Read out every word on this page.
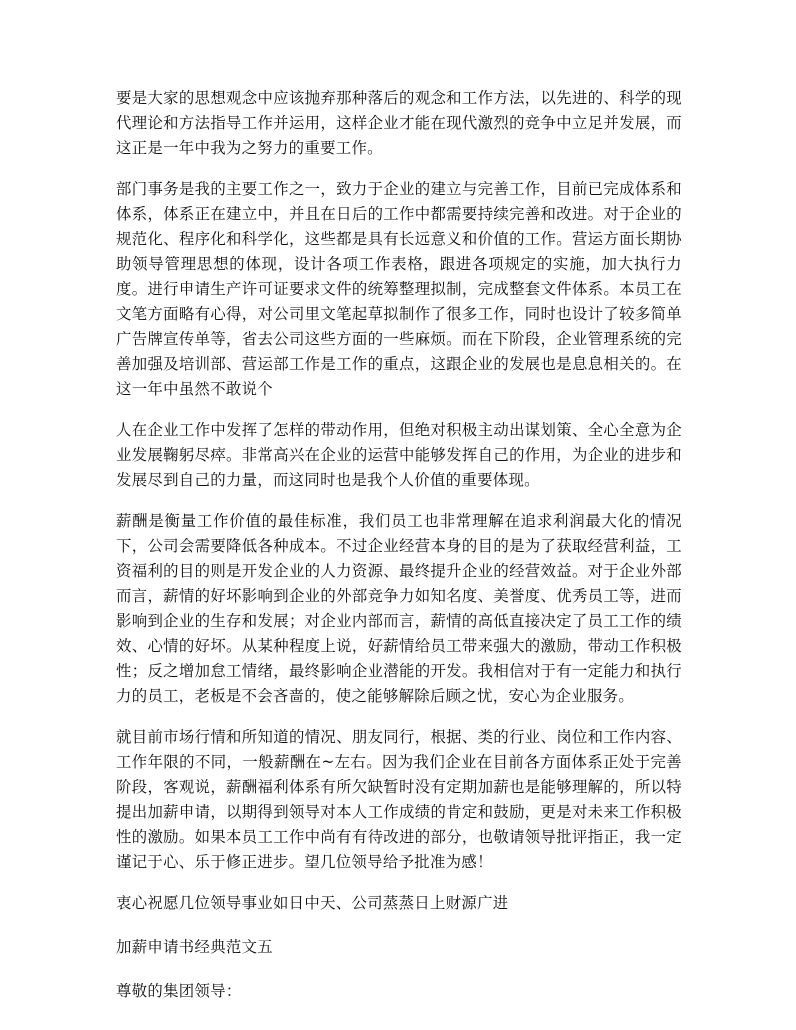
要是大家的思想观念中应该抛弃那种落后的观念和工作方法，以先进的、科学的现代理论和方法指导工作并运用，这样企业才能在现代激烈的竞争中立足并发展，而这正是一年中我为之努力的重要工作。

部门事务是我的主要工作之一，致力于企业的建立与完善工作，目前已完成体系和体系，体系正在建立中，并且在日后的工作中都需要持续完善和改进。对于企业的规范化、程序化和科学化，这些都是具有长远意义和价值的工作。营运方面长期协助领导管理思想的体现，设计各项工作表格，跟进各项规定的实施，加大执行力度。进行申请生产许可证要求文件的统筹整理拟制，完成整套文件体系。本员工在文笔方面略有心得，对公司里文笔起草拟制作了很多工作，同时也设计了较多简单广告牌宣传单等，省去公司这些方面的一些麻烦。而在下阶段，企业管理系统的完善加强及培训部、营运部工作是工作的重点，这跟企业的发展也是息息相关的。在这一年中虽然不敢说个

人在企业工作中发挥了怎样的带动作用，但绝对积极主动出谋划策、全心全意为企业发展鞠躬尽瘁。非常高兴在企业的运营中能够发挥自己的作用，为企业的进步和发展尽到自己的力量，而这同时也是我个人价值的重要体现。

薪酬是衡量工作价值的最佳标准，我们员工也非常理解在追求利润最大化的情况下，公司会需要降低各种成本。不过企业经营本身的目的是为了获取经营利益，工资福利的目的则是开发企业的人力资源、最终提升企业的经营效益。对于企业外部而言，薪情的好坏影响到企业的外部竞争力如知名度、美誉度、优秀员工等，进而影响到企业的生存和发展；对企业内部而言，薪情的高低直接决定了员工工作的绩效、心情的好坏。从某种程度上说，好薪情给员工带来强大的激励，带动工作积极性；反之增加怠工情绪，最终影响企业潜能的开发。我相信对于有一定能力和执行力的员工，老板是不会吝啬的，使之能够解除后顾之忧，安心为企业服务。

就目前市场行情和所知道的情况、朋友同行，根据、类的行业、岗位和工作内容、工作年限的不同，一般薪酬在~左右。因为我们企业在目前各方面体系正处于完善阶段，客观说，薪酬福利体系有所欠缺暂时没有定期加薪也是能够理解的，所以特提出加薪申请，以期得到领导对本人工作成绩的肯定和鼓励，更是对未来工作积极性的激励。如果本员工工作中尚有有待改进的部分，也敬请领导批评指正，我一定谨记于心、乐于修正进步。望几位领导给予批准为感！

衷心祝愿几位领导事业如日中天、公司蒸蒸日上财源广进

加薪申请书经典范文五

尊敬的集团领导：
